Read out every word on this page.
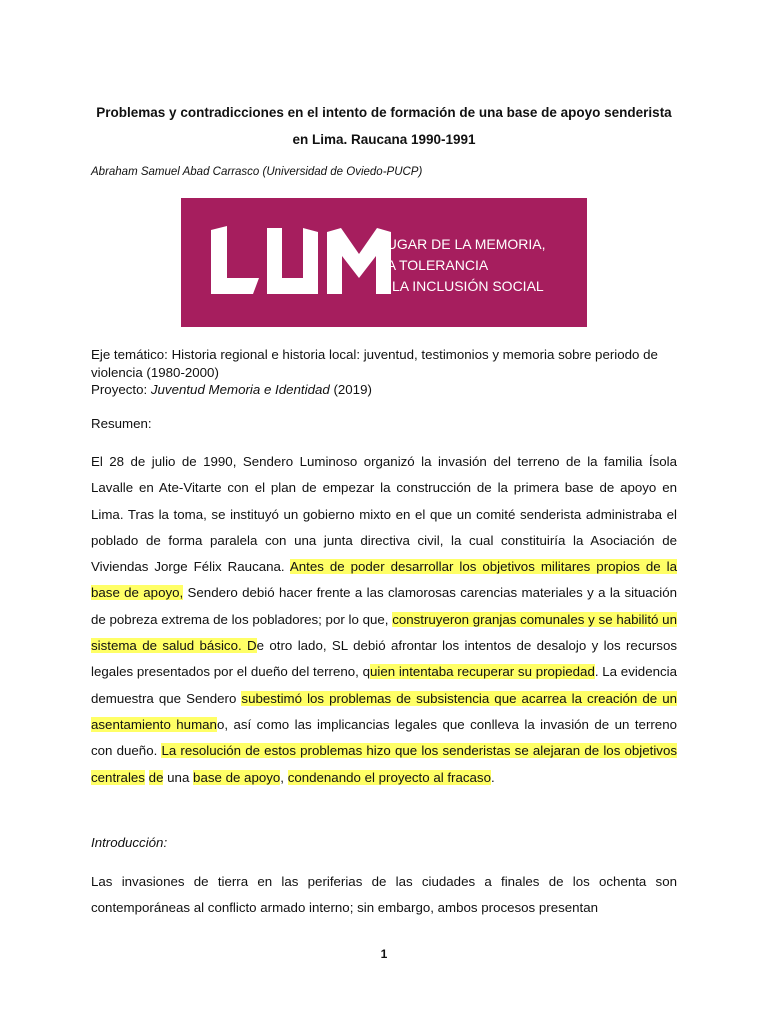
Problemas y contradicciones en el intento de formación de una base de apoyo senderista
en Lima. Raucana 1990-1991
Abraham Samuel Abad Carrasco (Universidad de Oviedo-PUCP)
LUGAR DE LA MEMORIA,
LA TOLERANCIA
Y LA INCLUSIÓN SOCIAL
Eje temático: Historia regional e historia local: juventud, testimonios y memoria sobre periodo de violencia (1980-2000)
Proyecto: Juventud Memoria e Identidad (2019)
Resumen:
El 28 de julio de 1990, Sendero Luminoso organizó la invasión del terreno de la familia Ísola Lavalle en Ate-Vitarte con el plan de empezar la construcción de la primera base de apoyo en Lima. Tras la toma, se instituyó un gobierno mixto en el que un comité senderista administraba el poblado de forma paralela con una junta directiva civil, la cual constituiría la Asociación de Viviendas Jorge Félix Raucana. Antes de poder desarrollar los objetivos militares propios de la base de apoyo, Sendero debió hacer frente a las clamorosas carencias materiales y a la situación de pobreza extrema de los pobladores; por lo que, construyeron granjas comunales y se habilitó un sistema de salud básico. De otro lado, SL debió afrontar los intentos de desalojo y los recursos legales presentados por el dueño del terreno, quien intentaba recuperar su propiedad. La evidencia demuestra que Sendero subestimó los problemas de subsistencia que acarrea la creación de un asentamiento humano, así como las implicancias legales que conlleva la invasión de un terreno con dueño. La resolución de estos problemas hizo que los senderistas se alejaran de los objetivos centrales de una base de apoyo, condenando el proyecto al fracaso.
Introducción:
Las invasiones de tierra en las periferias de las ciudades a finales de los ochenta son contemporáneas al conflicto armado interno; sin embargo, ambos procesos presentan
1
